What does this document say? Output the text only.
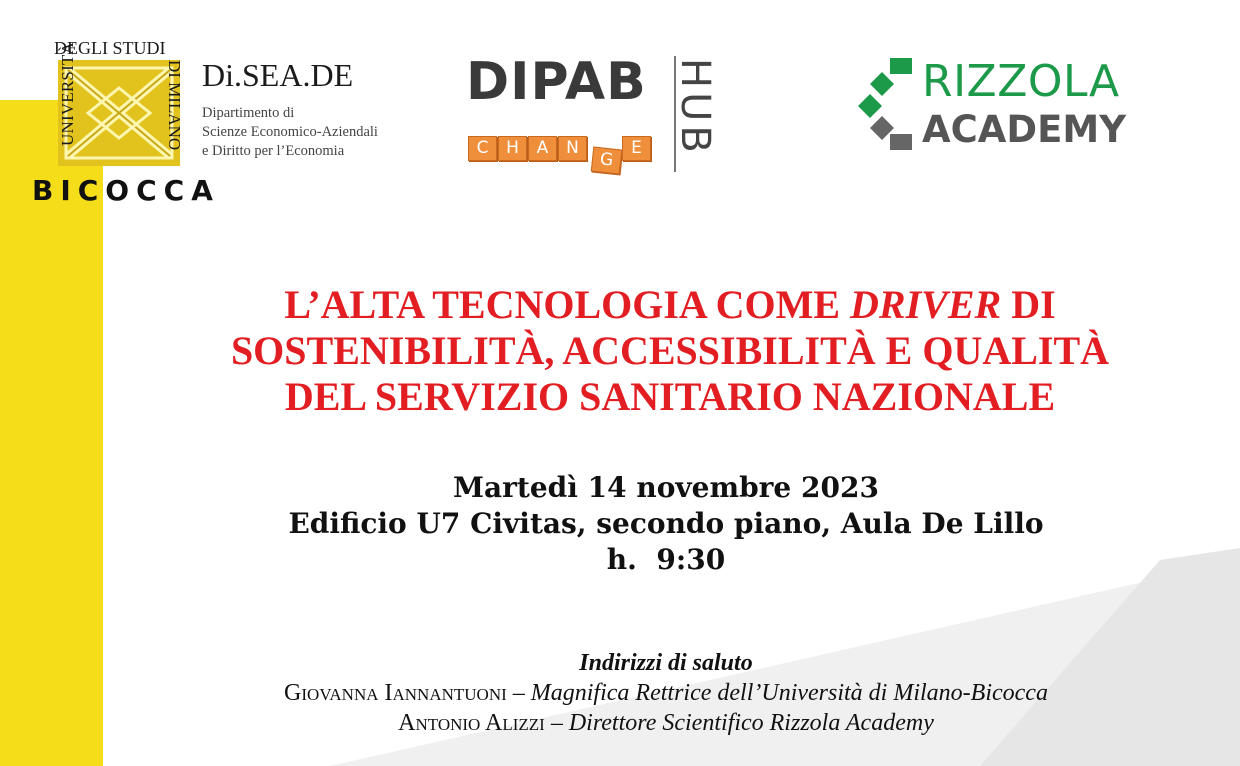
UNIVERSITÀ
DEGLI STUDI
DI MILANO
BICOCCA
Di.SEA.DE
Dipartimento di
Scienze Economico-Aziendali
e Diritto per l’Economia
DIPAB HUB
C	H	A	N
G
E
RIZZOLA
ACADEMY
L’ALTA TECNOLOGIA COME DRIVER DI
SOSTENIBILITÀ, ACCESSIBILITÀ E QUALITÀ
DEL SERVIZIO SANITARIO NAZIONALE
Martedì 14 novembre 2023
Edificio U7 Civitas, secondo piano, Aula De Lillo
h.  9:30
Indirizzi di saluto
Giovanna Iannantuoni – Magnifica Rettrice dell’Università di Milano-Bicocca
Antonio Alizzi – Direttore Scientifico Rizzola Academy
